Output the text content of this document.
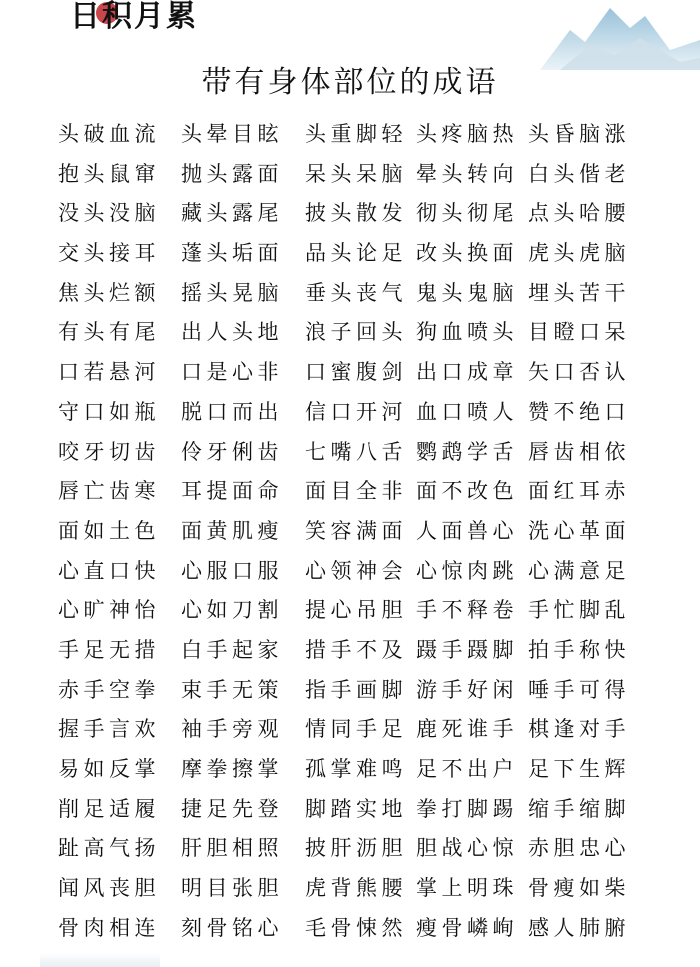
日积月累
带有身体部位的成语
头破血流	头晕目眩	头重脚轻 头疼脑热 头昏脑涨
抱头鼠窜	抛头露面	呆头呆脑 晕头转向 白头偕老
没头没脑	藏头露尾	披头散发 彻头彻尾 点头哈腰
交头接耳	蓬头垢面	品头论足 改头换面 虎头虎脑
焦头烂额	摇头晃脑	垂头丧气 鬼头鬼脑 埋头苦干
有头有尾	出人头地	浪子回头 狗血喷头 目瞪口呆
口若悬河	口是心非	口蜜腹剑 出口成章 矢口否认
守口如瓶	脱口而出	信口开河 血口喷人 赞不绝口
咬牙切齿	伶牙俐齿	七嘴八舌 鹦鹉学舌 唇齿相依
唇亡齿寒	耳提面命	面目全非 面不改色 面红耳赤
面如土色	面黄肌瘦	笑容满面 人面兽心 洗心革面
心直口快	心服口服	心领神会 心惊肉跳 心满意足
心旷神怡	心如刀割	提心吊胆 手不释卷 手忙脚乱
手足无措	白手起家	措手不及 蹑手蹑脚 拍手称快
赤手空拳	束手无策	指手画脚 游手好闲 唾手可得
握手言欢	袖手旁观	情同手足 鹿死谁手 棋逢对手
易如反掌	摩拳擦掌	孤掌难鸣 足不出户 足下生辉
削足适履	捷足先登	脚踏实地 拳打脚踢 缩手缩脚
趾高气扬	肝胆相照	披肝沥胆 胆战心惊 赤胆忠心
闻风丧胆	明目张胆	虎背熊腰 掌上明珠 骨瘦如柴
骨肉相连	刻骨铭心	毛骨悚然 瘦骨嶙峋 感人肺腑
